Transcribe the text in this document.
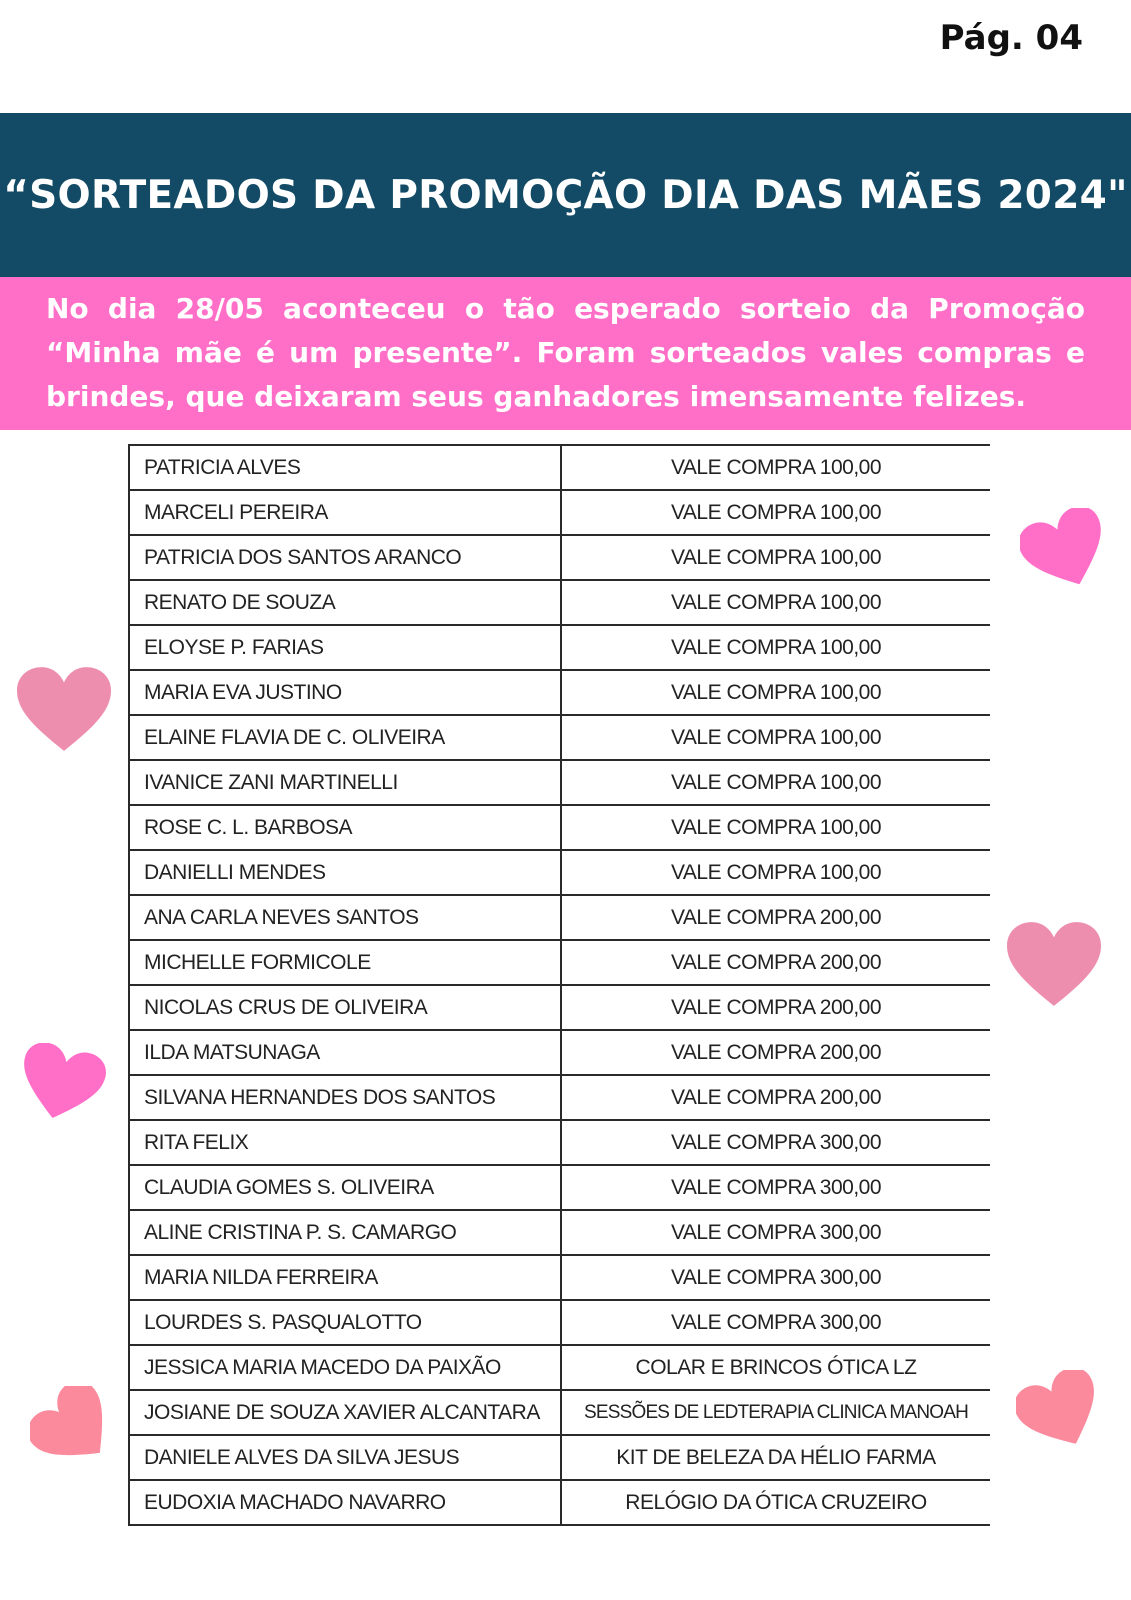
Pág. 04
“SORTEADOS DA PROMOÇÃO DIA DAS MÃES 2024"

No dia 28/05 aconteceu o tão esperado sorteio da Promoção “Minha mãe é um presente”. Foram sorteados vales compras e brindes, que deixaram seus ganhadores imensamente felizes.

PATRICIA ALVES	VALE COMPRA 100,00
MARCELI PEREIRA	VALE COMPRA 100,00
PATRICIA DOS SANTOS ARANCO	VALE COMPRA 100,00
RENATO DE SOUZA	VALE COMPRA 100,00
ELOYSE P. FARIAS	VALE COMPRA 100,00
MARIA EVA JUSTINO	VALE COMPRA 100,00
ELAINE FLAVIA DE C. OLIVEIRA	VALE COMPRA 100,00
IVANICE ZANI MARTINELLI	VALE COMPRA 100,00
ROSE C. L. BARBOSA	VALE COMPRA 100,00
DANIELLI MENDES	VALE COMPRA 100,00
ANA CARLA NEVES SANTOS	VALE COMPRA 200,00
MICHELLE FORMICOLE	VALE COMPRA 200,00
NICOLAS CRUS DE OLIVEIRA	VALE COMPRA 200,00
ILDA MATSUNAGA	VALE COMPRA 200,00
SILVANA HERNANDES DOS SANTOS	VALE COMPRA 200,00
RITA FELIX	VALE COMPRA 300,00
CLAUDIA GOMES S. OLIVEIRA	VALE COMPRA 300,00
ALINE CRISTINA P. S. CAMARGO	VALE COMPRA 300,00
MARIA NILDA FERREIRA	VALE COMPRA 300,00
LOURDES S. PASQUALOTTO	VALE COMPRA 300,00
JESSICA MARIA MACEDO DA PAIXÃO	COLAR E BRINCOS ÓTICA LZ
JOSIANE DE SOUZA XAVIER ALCANTARA	SESSÕES DE LEDTERAPIA CLINICA MANOAH
DANIELE ALVES DA SILVA JESUS	KIT DE BELEZA DA HÉLIO FARMA
EUDOXIA MACHADO NAVARRO	RELÓGIO DA ÓTICA CRUZEIRO
